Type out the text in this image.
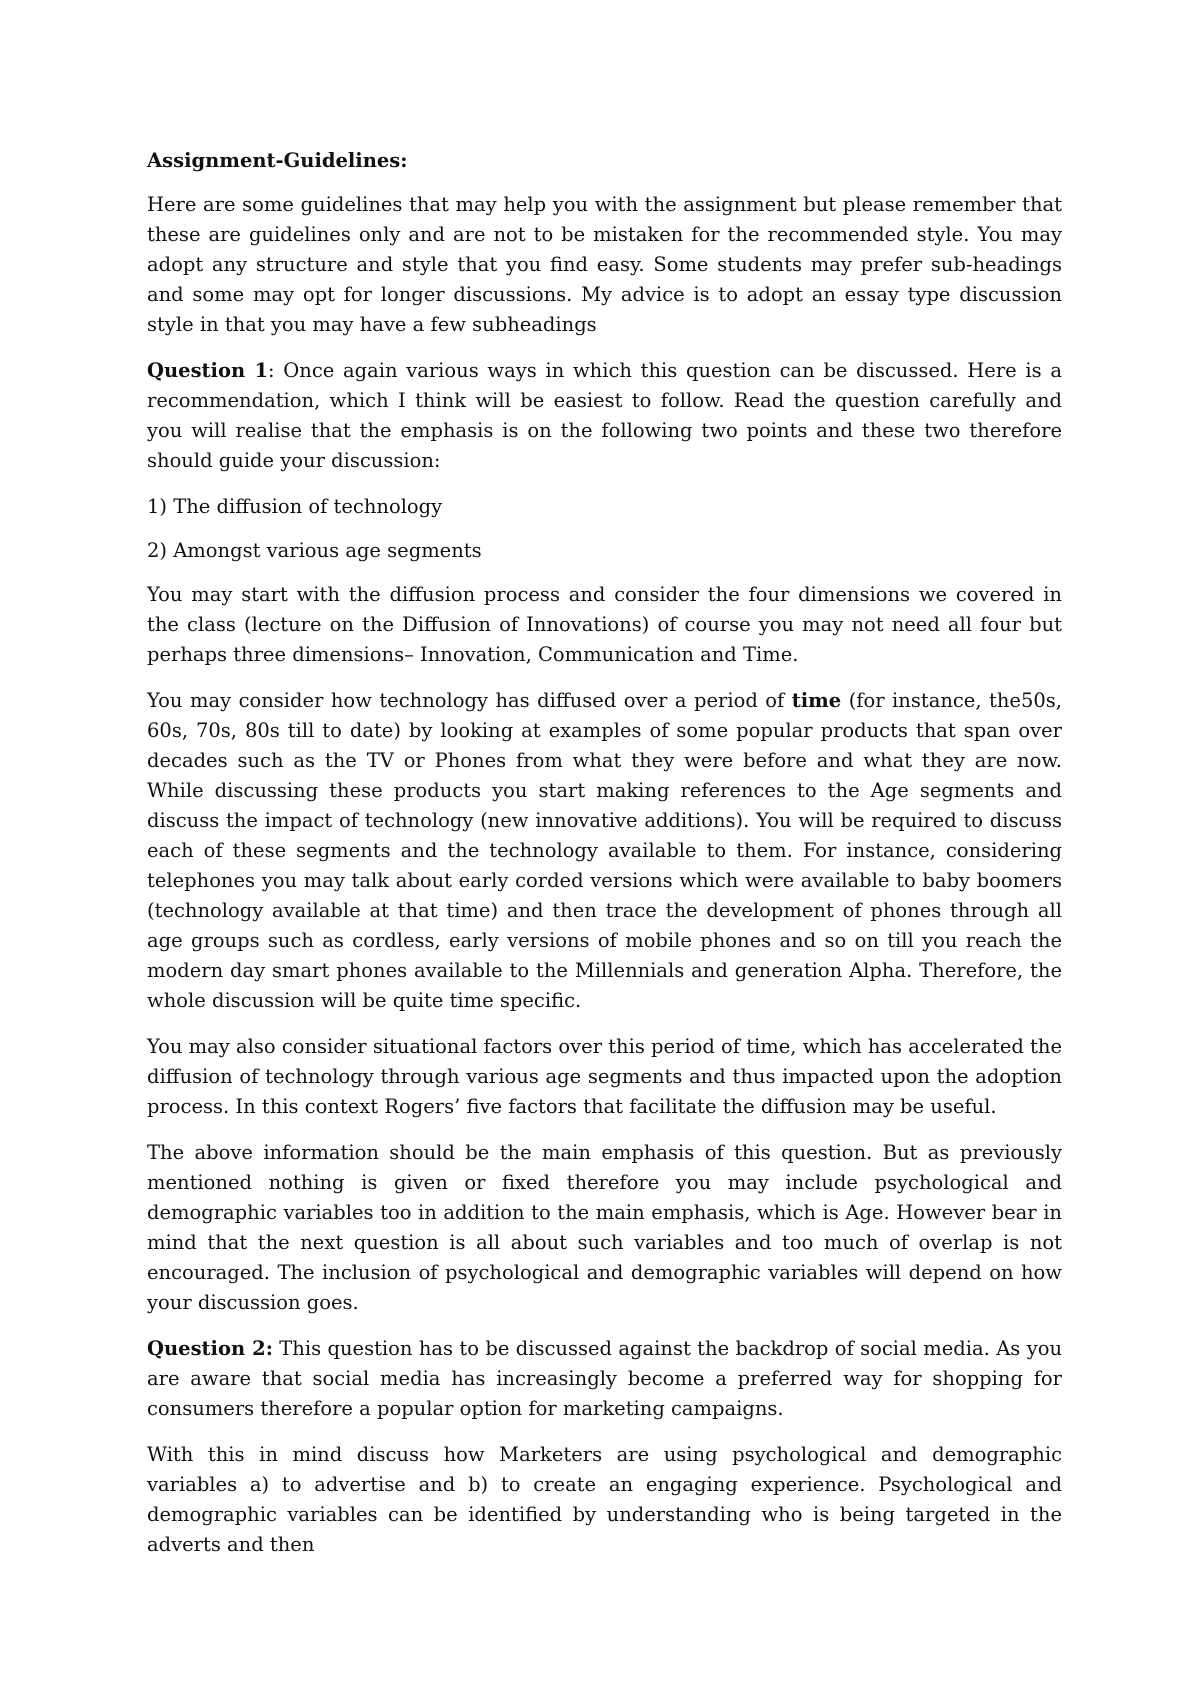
Assignment-Guidelines:

Here are some guidelines that may help you with the assignment but please remember that these are guidelines only and are not to be mistaken for the recommended style. You may adopt any structure and style that you find easy. Some students may prefer sub-headings and some may opt for longer discussions. My advice is to adopt an essay type discussion style in that you may have a few subheadings

Question 1: Once again various ways in which this question can be discussed. Here is a recommendation, which I think will be easiest to follow. Read the question carefully and you will realise that the emphasis is on the following two points and these two therefore should guide your discussion:

1) The diffusion of technology

2) Amongst various age segments

You may start with the diffusion process and consider the four dimensions we covered in the class (lecture on the Diffusion of Innovations) of course you may not need all four but perhaps three dimensions– Innovation, Communication and Time.

You may consider how technology has diffused over a period of time (for instance, the50s, 60s, 70s, 80s till to date) by looking at examples of some popular products that span over decades such as the TV or Phones from what they were before and what they are now. While discussing these products you start making references to the Age segments and discuss the impact of technology (new innovative additions). You will be required to discuss each of these segments and the technology available to them. For instance, considering telephones you may talk about early corded versions which were available to baby boomers (technology available at that time) and then trace the development of phones through all age groups such as cordless, early versions of mobile phones and so on till you reach the modern day smart phones available to the Millennials and generation Alpha. Therefore, the whole discussion will be quite time specific.

You may also consider situational factors over this period of time, which has accelerated the diffusion of technology through various age segments and thus impacted upon the adoption process. In this context Rogers’ five factors that facilitate the diffusion may be useful.

The above information should be the main emphasis of this question. But as previously mentioned nothing is given or fixed therefore you may include psychological and demographic variables too in addition to the main emphasis, which is Age. However bear in mind that the next question is all about such variables and too much of overlap is not encouraged. The inclusion of psychological and demographic variables will depend on how your discussion goes.

Question 2: This question has to be discussed against the backdrop of social media. As you are aware that social media has increasingly become a preferred way for shopping for consumers therefore a popular option for marketing campaigns.

With this in mind discuss how Marketers are using psychological and demographic variables a) to advertise and b) to create an engaging experience. Psychological and demographic variables can be identified by understanding who is being targeted in the adverts and then
